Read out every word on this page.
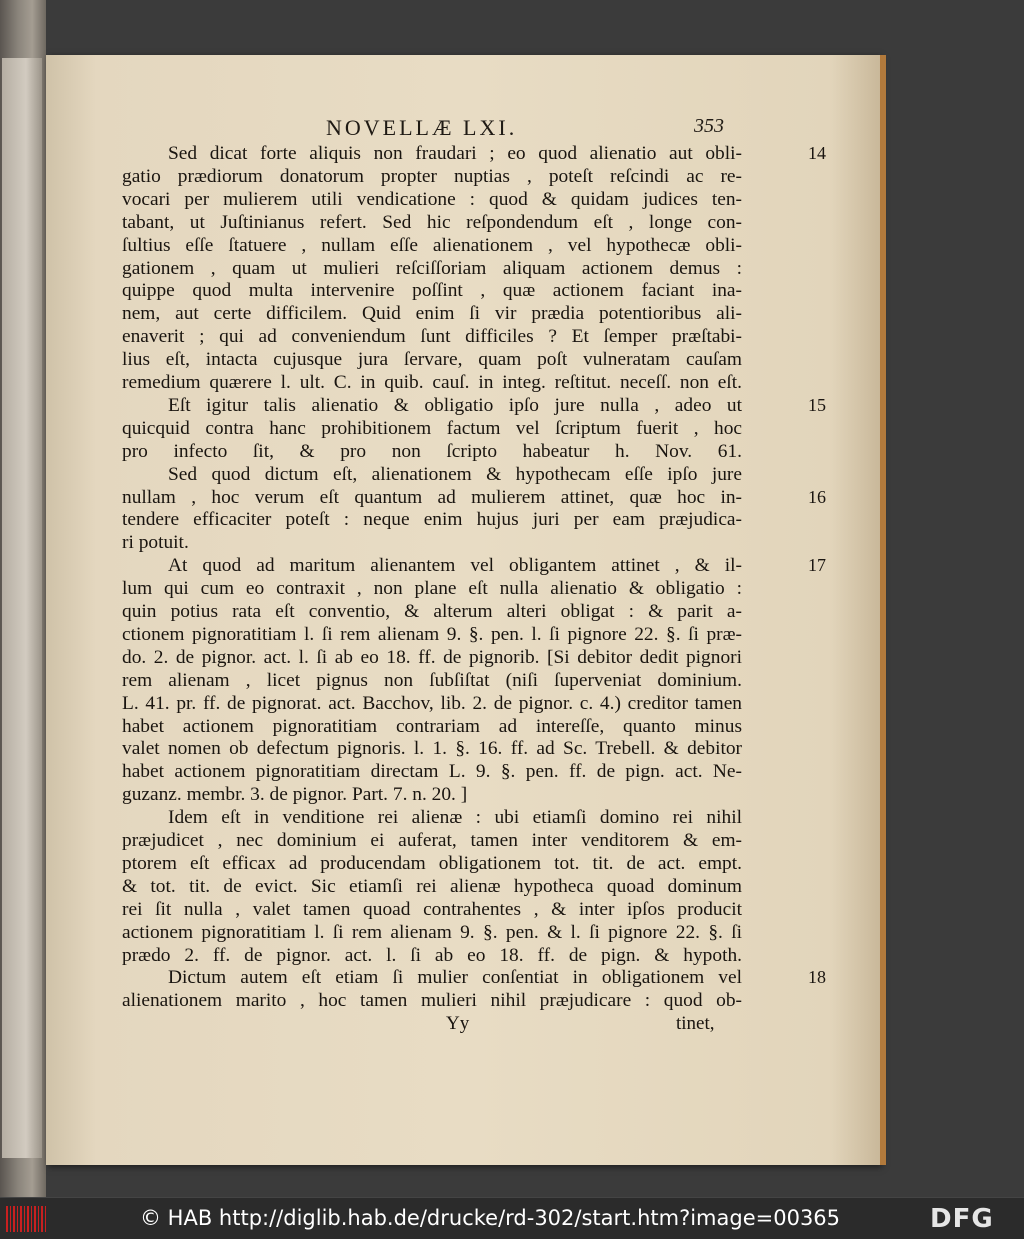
NOVELLÆ LXI.	353
Sed dicat forte aliquis non fraudari ; eo quod alienatio aut obli-
gatio prædiorum donatorum propter nuptias , poteſt reſcindi ac re-
vocari per mulierem utili vendicatione : quod & quidam judices ten-
tabant, ut Juſtinianus refert. Sed hic reſpondendum eſt , longe con-
ſultius eſſe ſtatuere , nullam eſſe alienationem , vel hypothecæ obli-
gationem , quam ut mulieri reſciſſoriam aliquam actionem demus :
quippe quod multa intervenire poſſint , quæ actionem faciant ina-
nem, aut certe difficilem. Quid enim ſi vir prædia potentioribus ali-
enaverit ; qui ad conveniendum ſunt difficiles ? Et ſemper præſtabi-
lius eſt, intacta cujusque jura ſervare, quam poſt vulneratam cauſam
remedium quærere l. ult. C. in quib. cauſ. in integ. reſtitut. neceſſ. non eſt.
Eſt igitur talis alienatio & obligatio ipſo jure nulla , adeo ut
quicquid contra hanc prohibitionem factum vel ſcriptum fuerit , hoc
pro infecto ſit, & pro non ſcripto habeatur h. Nov. 61.
Sed quod dictum eſt, alienationem & hypothecam eſſe ipſo jure
nullam , hoc verum eſt quantum ad mulierem attinet, quæ hoc in-
tendere efficaciter poteſt : neque enim hujus juri per eam præjudica-
ri potuit.
At quod ad maritum alienantem vel obligantem attinet , & il-
lum qui cum eo contraxit , non plane eſt nulla alienatio & obligatio :
quin potius rata eſt conventio, & alterum alteri obligat : & parit a-
ctionem pignoratitiam l. ſi rem alienam 9. §. pen. l. ſi pignore 22. §. ſi præ-
do. 2. de pignor. act. l. ſi ab eo 18. ff. de pignorib. [Si debitor dedit pignori
rem alienam , licet pignus non ſubſiſtat (niſi ſuperveniat dominium.
L. 41. pr. ff. de pignorat. act. Bacchov, lib. 2. de pignor. c. 4.) creditor tamen
habet actionem pignoratitiam contrariam ad intereſſe, quanto minus
valet nomen ob defectum pignoris. l. 1. §. 16. ff. ad Sc. Trebell. & debitor
habet actionem pignoratitiam directam L. 9. §. pen. ff. de pign. act. Ne-
guzanz. membr. 3. de pignor. Part. 7. n. 20. ]
Idem eſt in venditione rei alienæ : ubi etiamſi domino rei nihil
præjudicet , nec dominium ei auferat, tamen inter venditorem & em-
ptorem eſt efficax ad producendam obligationem tot. tit. de act. empt.
& tot. tit. de evict. Sic etiamſi rei alienæ hypotheca quoad dominum
rei ſit nulla , valet tamen quoad contrahentes , & inter ipſos producit
actionem pignoratitiam l. ſi rem alienam 9. §. pen. & l. ſi pignore 22. §. ſi
prædo 2. ff. de pignor. act. l. ſi ab eo 18. ff. de pign. & hypoth.
Dictum autem eſt etiam ſi mulier conſentiat in obligationem vel
alienationem marito , hoc tamen mulieri nihil præjudicare : quod ob-
14
15
16
17
18
Yy	tinet,
© HAB http://diglib.hab.de/drucke/rd-302/start.htm?image=00365	DFG
